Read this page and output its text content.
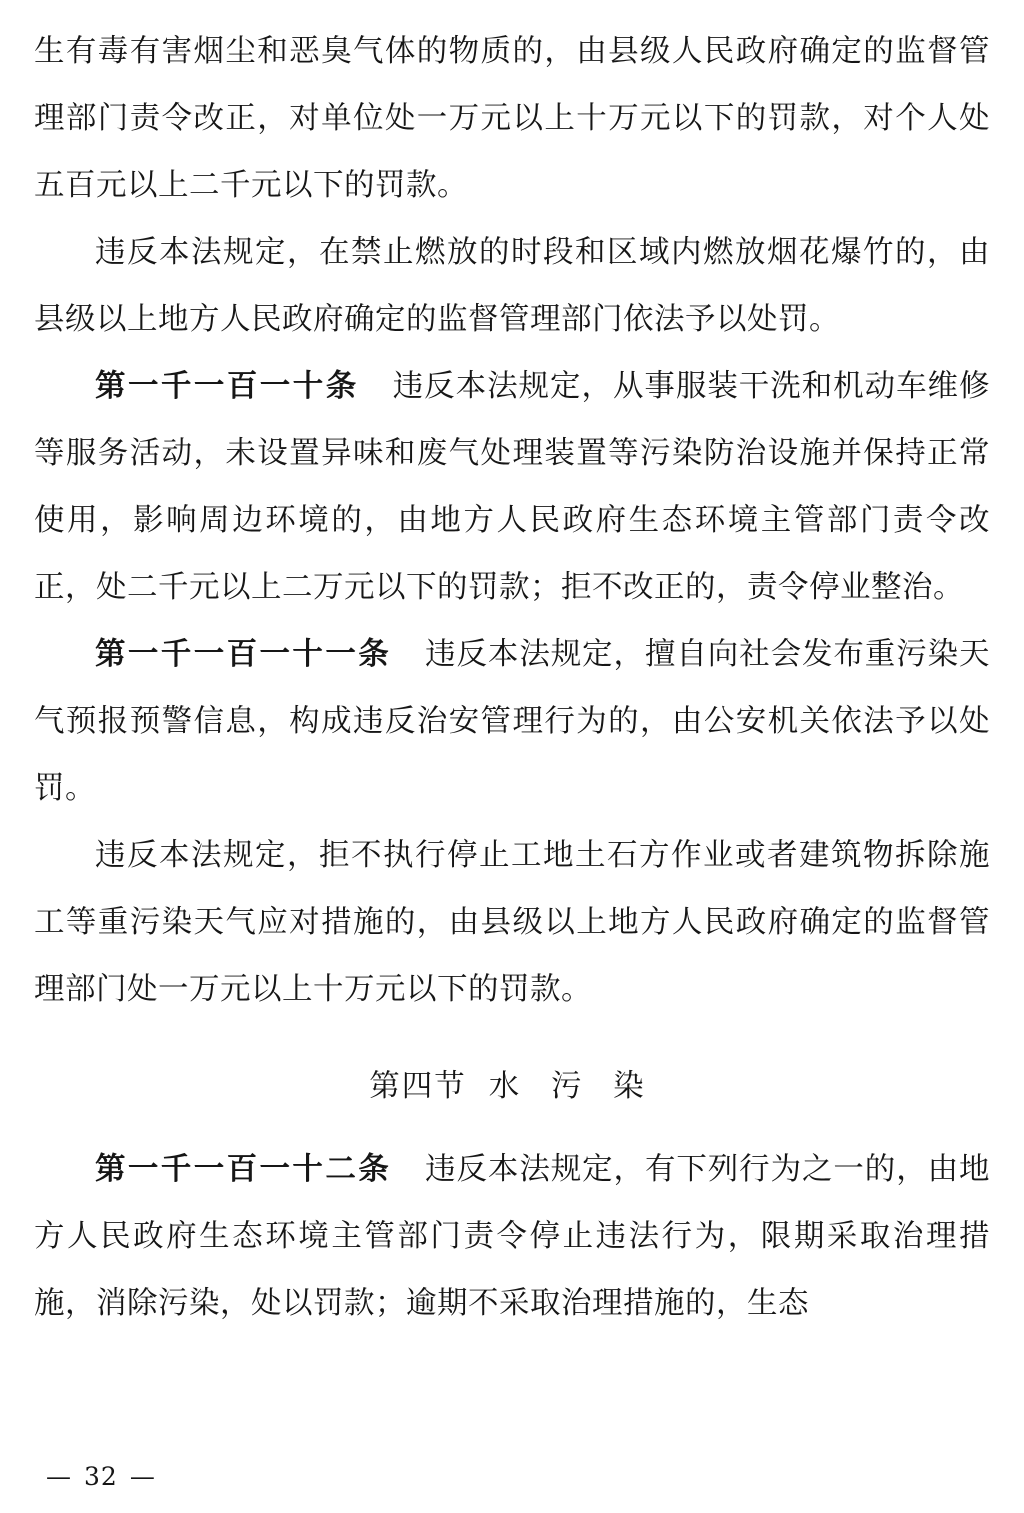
生有毒有害烟尘和恶臭气体的物质的，由县级人民政府确定的监督管理部门责令改正，对单位处一万元以上十万元以下的罚款，对个人处五百元以上二千元以下的罚款。

违反本法规定，在禁止燃放的时段和区域内燃放烟花爆竹的，由县级以上地方人民政府确定的监督管理部门依法予以处罚。

第一千一百一十条 违反本法规定，从事服装干洗和机动车维修等服务活动，未设置异味和废气处理装置等污染防治设施并保持正常使用，影响周边环境的，由地方人民政府生态环境主管部门责令改正，处二千元以上二万元以下的罚款；拒不改正的，责令停业整治。

第一千一百一十一条 违反本法规定，擅自向社会发布重污染天气预报预警信息，构成违反治安管理行为的，由公安机关依法予以处罚。

违反本法规定，拒不执行停止工地土石方作业或者建筑物拆除施工等重污染天气应对措施的，由县级以上地方人民政府确定的监督管理部门处一万元以上十万元以下的罚款。

第四节 水 污 染

第一千一百一十二条 违反本法规定，有下列行为之一的，由地方人民政府生态环境主管部门责令停止违法行为，限期采取治理措施，消除污染，处以罚款；逾期不采取治理措施的，生态

— 32 —
